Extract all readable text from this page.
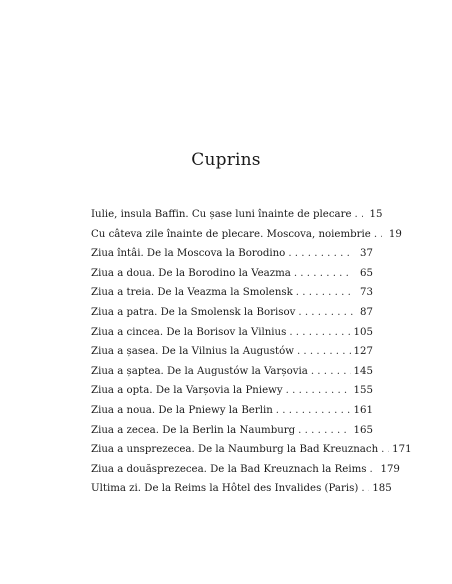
Cuprins
Iulie, insula Baffin. Cu șase luni înainte de plecare . . .	15
Cu câteva zile înainte de plecare. Moscova, noiembrie . . .	19
Ziua întâi. De la Moscova la Borodino . . .	37
Ziua a doua. De la Borodino la Veazma . . .	65
Ziua a treia. De la Veazma la Smolensk . . .	73
Ziua a patra. De la Smolensk la Borisov . . .	87
Ziua a cincea. De la Borisov la Vilnius . . .	105
Ziua a șasea. De la Vilnius la Augustów . . .	127
Ziua a șaptea. De la Augustów la Varșovia . . .	145
Ziua a opta. De la Varșovia la Pniewy . . .	155
Ziua a noua. De la Pniewy la Berlin . . .	161
Ziua a zecea. De la Berlin la Naumburg . . .	165
Ziua a unsprezecea. De la Naumburg la Bad Kreuznach . . . 171
Ziua a douăsprezecea. De la Bad Kreuznach la Reims . . . 179
Ultima zi. De la Reims la Hôtel des Invalides (Paris) . . . 185
